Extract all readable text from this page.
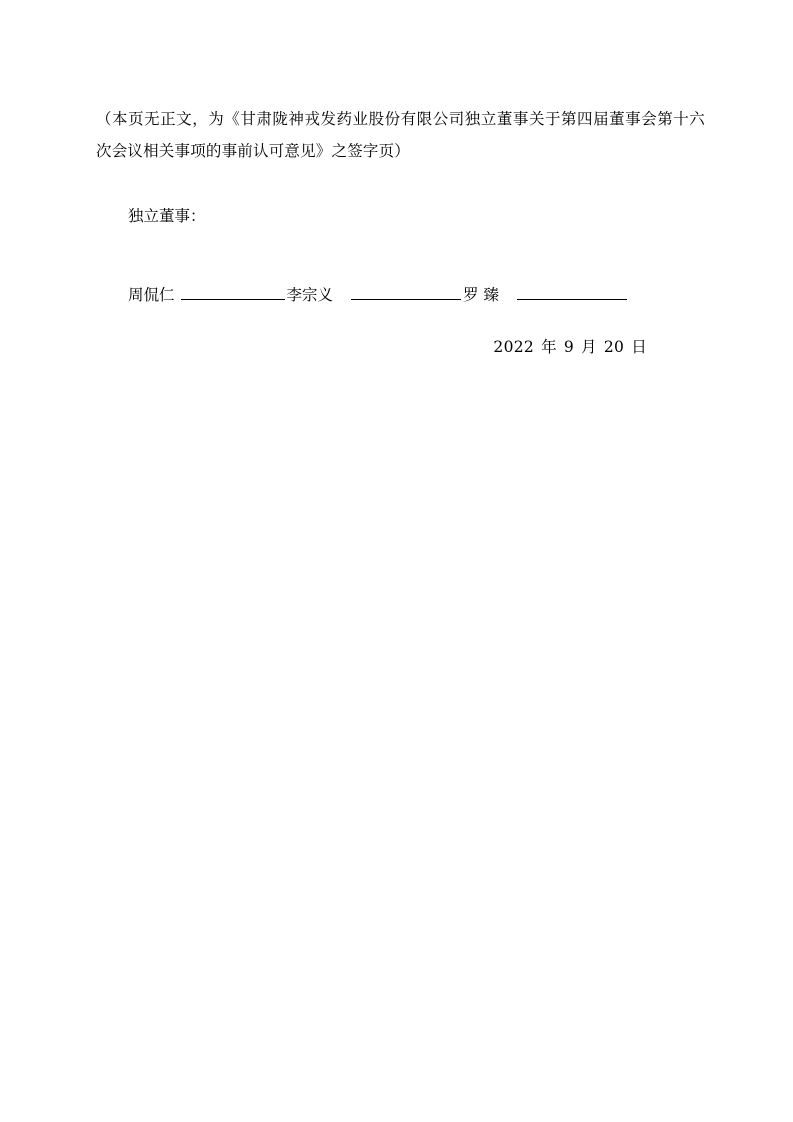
（本页无正文，为《甘肃陇神戎发药业股份有限公司独立董事关于第四届董事会第十六次会议相关事项的事前认可意见》之签字页）
独立董事：
周侃仁	李宗义	罗 臻
2022 年 9 月 20 日
